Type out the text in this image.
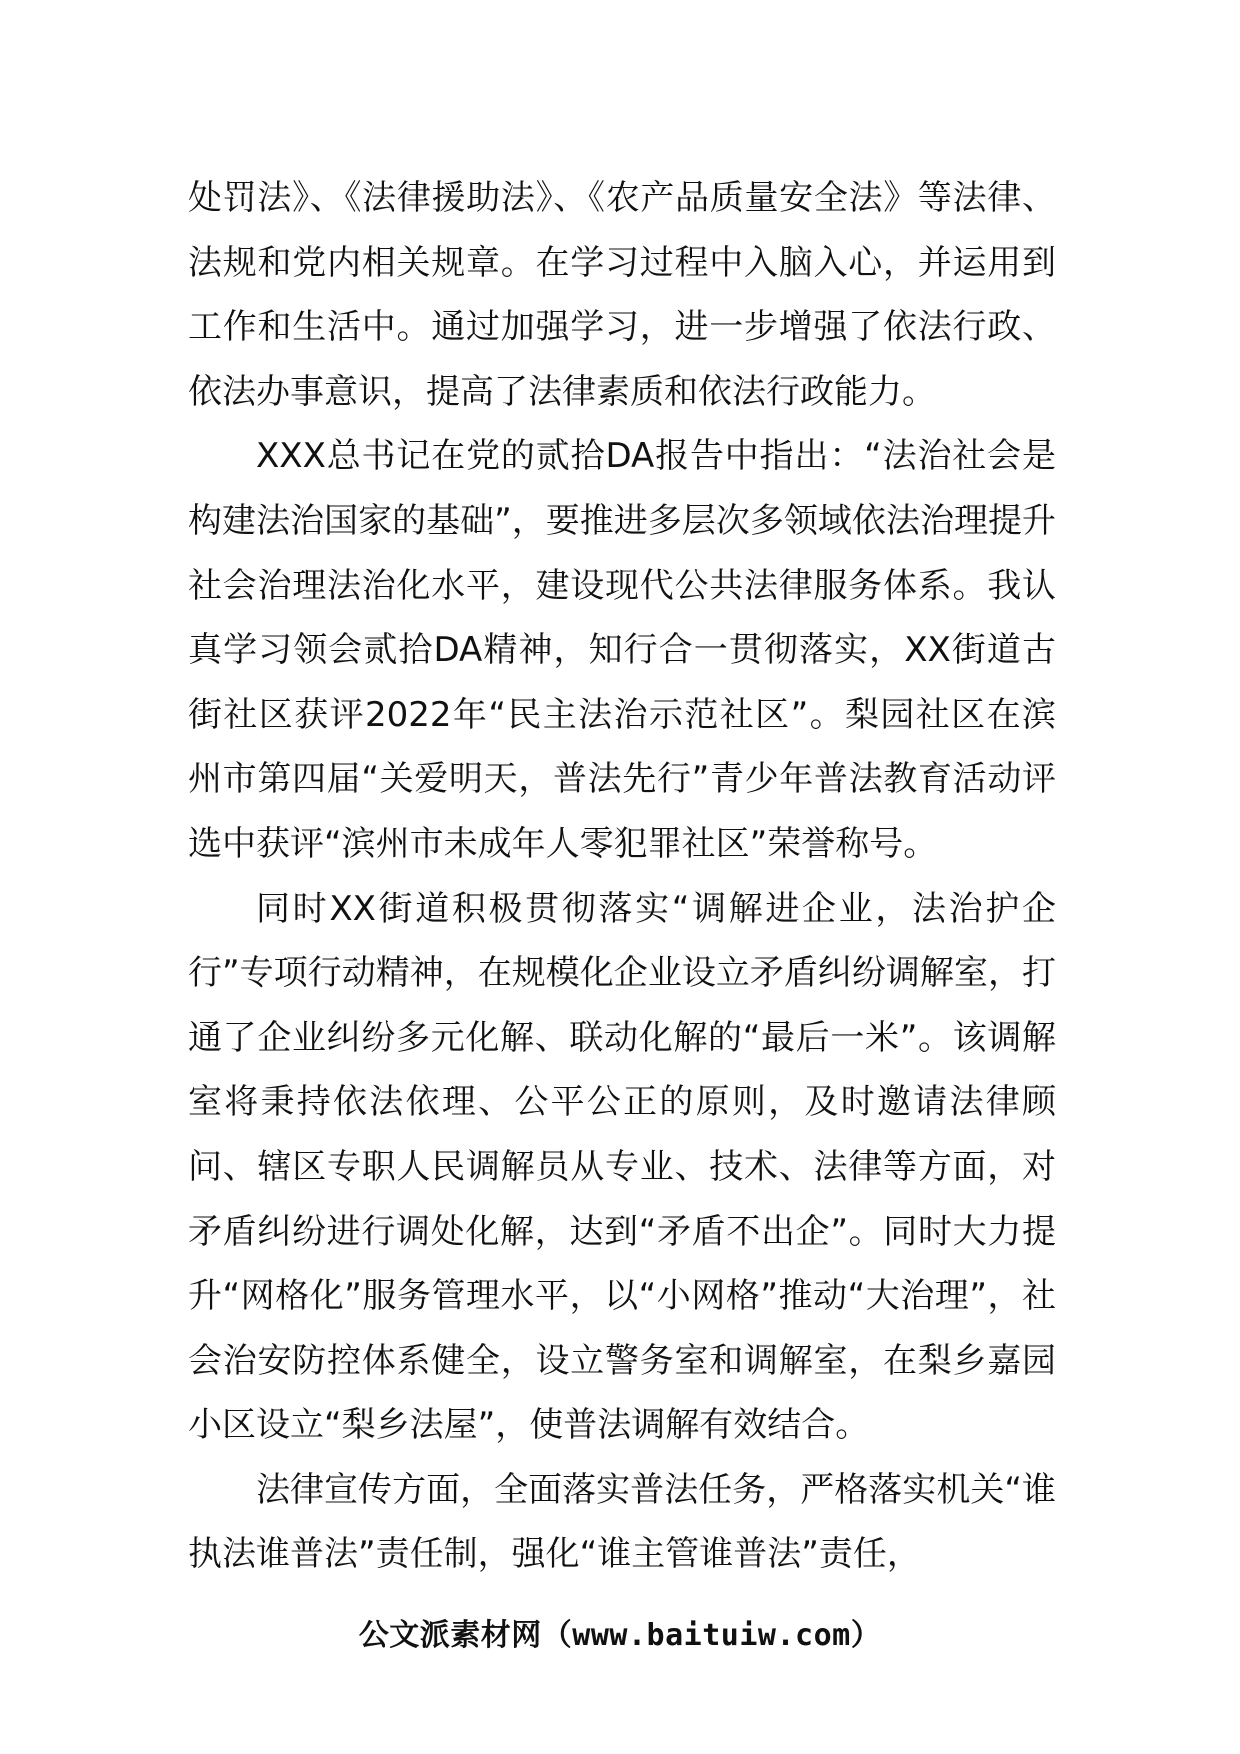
处罚法》、《法律援助法》、《农产品质量安全法》等法律、法规和党内相关规章。在学习过程中入脑入心，并运用到工作和生活中。通过加强学习，进一步增强了依法行政、依法办事意识，提高了法律素质和依法行政能力。

XXX总书记在党的贰拾DA报告中指出：“法治社会是构建法治国家的基础”，要推进多层次多领域依法治理提升社会治理法治化水平，建设现代公共法律服务体系。我认真学习领会贰拾DA精神，知行合一贯彻落实，XX街道古街社区获评2022年“民主法治示范社区”。梨园社区在滨州市第四届“关爱明天，普法先行”青少年普法教育活动评选中获评“滨州市未成年人零犯罪社区”荣誉称号。

同时XX街道积极贯彻落实“调解进企业，法治护企行”专项行动精神，在规模化企业设立矛盾纠纷调解室，打通了企业纠纷多元化解、联动化解的“最后一米”。该调解室将秉持依法依理、公平公正的原则，及时邀请法律顾问、辖区专职人民调解员从专业、技术、法律等方面，对矛盾纠纷进行调处化解，达到“矛盾不出企”。同时大力提升“网格化”服务管理水平，以“小网格”推动“大治理”，社会治安防控体系健全，设立警务室和调解室，在梨乡嘉园小区设立“梨乡法屋”，使普法调解有效结合。

法律宣传方面，全面落实普法任务，严格落实机关“谁执法谁普法”责任制，强化“谁主管谁普法”责任，

公文派素材网（www.baituiw.com）
